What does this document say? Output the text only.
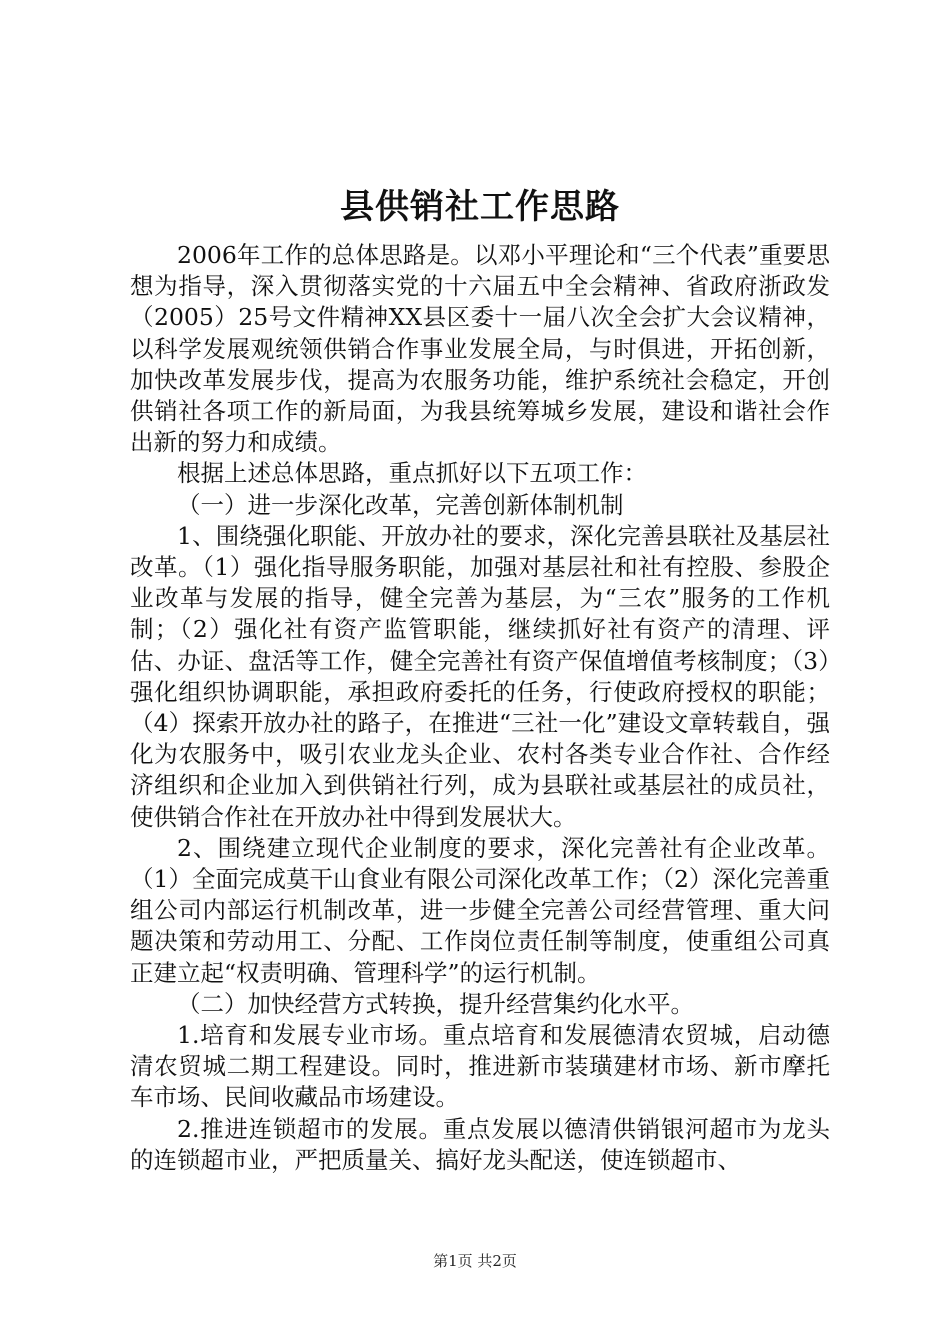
县供销社工作思路

2006年工作的总体思路是。以邓小平理论和“三个代表”重要思想为指导，深入贯彻落实党的十六届五中全会精神、省政府浙政发（2005）25号文件精神XX县区委十一届八次全会扩大会议精神，以科学发展观统领供销合作事业发展全局，与时俱进，开拓创新，加快改革发展步伐，提高为农服务功能，维护系统社会稳定，开创供销社各项工作的新局面，为我县统筹城乡发展，建设和谐社会作出新的努力和成绩。

根据上述总体思路，重点抓好以下五项工作：

（一）进一步深化改革，完善创新体制机制

1、围绕强化职能、开放办社的要求，深化完善县联社及基层社改革。（1）强化指导服务职能，加强对基层社和社有控股、参股企业改革与发展的指导，健全完善为基层，为“三农”服务的工作机制；（2）强化社有资产监管职能，继续抓好社有资产的清理、评估、办证、盘活等工作，健全完善社有资产保值增值考核制度；（3）强化组织协调职能，承担政府委托的任务，行使政府授权的职能；（4）探索开放办社的路子，在推进“三社一化”建设文章转载自，强化为农服务中，吸引农业龙头企业、农村各类专业合作社、合作经济组织和企业加入到供销社行列，成为县联社或基层社的成员社，使供销合作社在开放办社中得到发展状大。

2、围绕建立现代企业制度的要求，深化完善社有企业改革。（1）全面完成莫干山食业有限公司深化改革工作；（2）深化完善重组公司内部运行机制改革，进一步健全完善公司经营管理、重大问题决策和劳动用工、分配、工作岗位责任制等制度，使重组公司真正建立起“权责明确、管理科学”的运行机制。

（二）加快经营方式转换，提升经营集约化水平。

1.培育和发展专业市场。重点培育和发展德清农贸城，启动德清农贸城二期工程建设。同时，推进新市装璜建材市场、新市摩托车市场、民间收藏品市场建设。

2.推进连锁超市的发展。重点发展以德清供销银河超市为龙头的连锁超市业，严把质量关、搞好龙头配送，使连锁超市、

第1页 共2页
